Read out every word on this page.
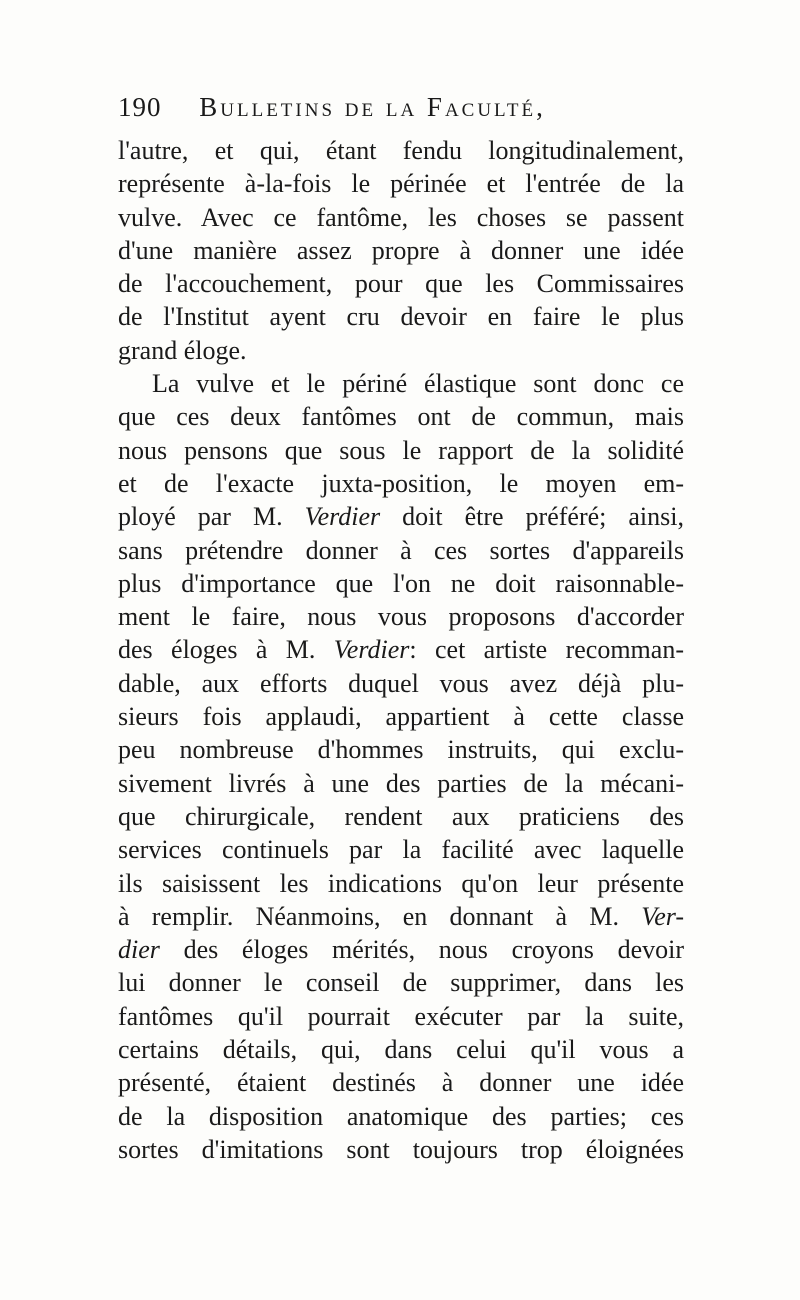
190 Bulletins de la Faculté,
l'autre, et qui, étant fendu longitudinalement,
représente à-la-fois le périnée et l'entrée de la
vulve. Avec ce fantôme, les choses se passent
d'une manière assez propre à donner une idée
de l'accouchement, pour que les Commissaires
de l'Institut ayent cru devoir en faire le plus
grand éloge.
La vulve et le périné élastique sont donc ce
que ces deux fantômes ont de commun, mais
nous pensons que sous le rapport de la solidité
et de l'exacte juxta-position, le moyen em-
ployé par M. Verdier doit être préféré; ainsi,
sans prétendre donner à ces sortes d'appareils
plus d'importance que l'on ne doit raisonnable-
ment le faire, nous vous proposons d'accorder
des éloges à M. Verdier: cet artiste recomman-
dable, aux efforts duquel vous avez déjà plu-
sieurs fois applaudi, appartient à cette classe
peu nombreuse d'hommes instruits, qui exclu-
sivement livrés à une des parties de la mécani-
que chirurgicale, rendent aux praticiens des
services continuels par la facilité avec laquelle
ils saisissent les indications qu'on leur présente
à remplir. Néanmoins, en donnant à M. Ver-
dier des éloges mérités, nous croyons devoir
lui donner le conseil de supprimer, dans les
fantômes qu'il pourrait exécuter par la suite,
certains détails, qui, dans celui qu'il vous a
présenté, étaient destinés à donner une idée
de la disposition anatomique des parties; ces
sortes d'imitations sont toujours trop éloignées
